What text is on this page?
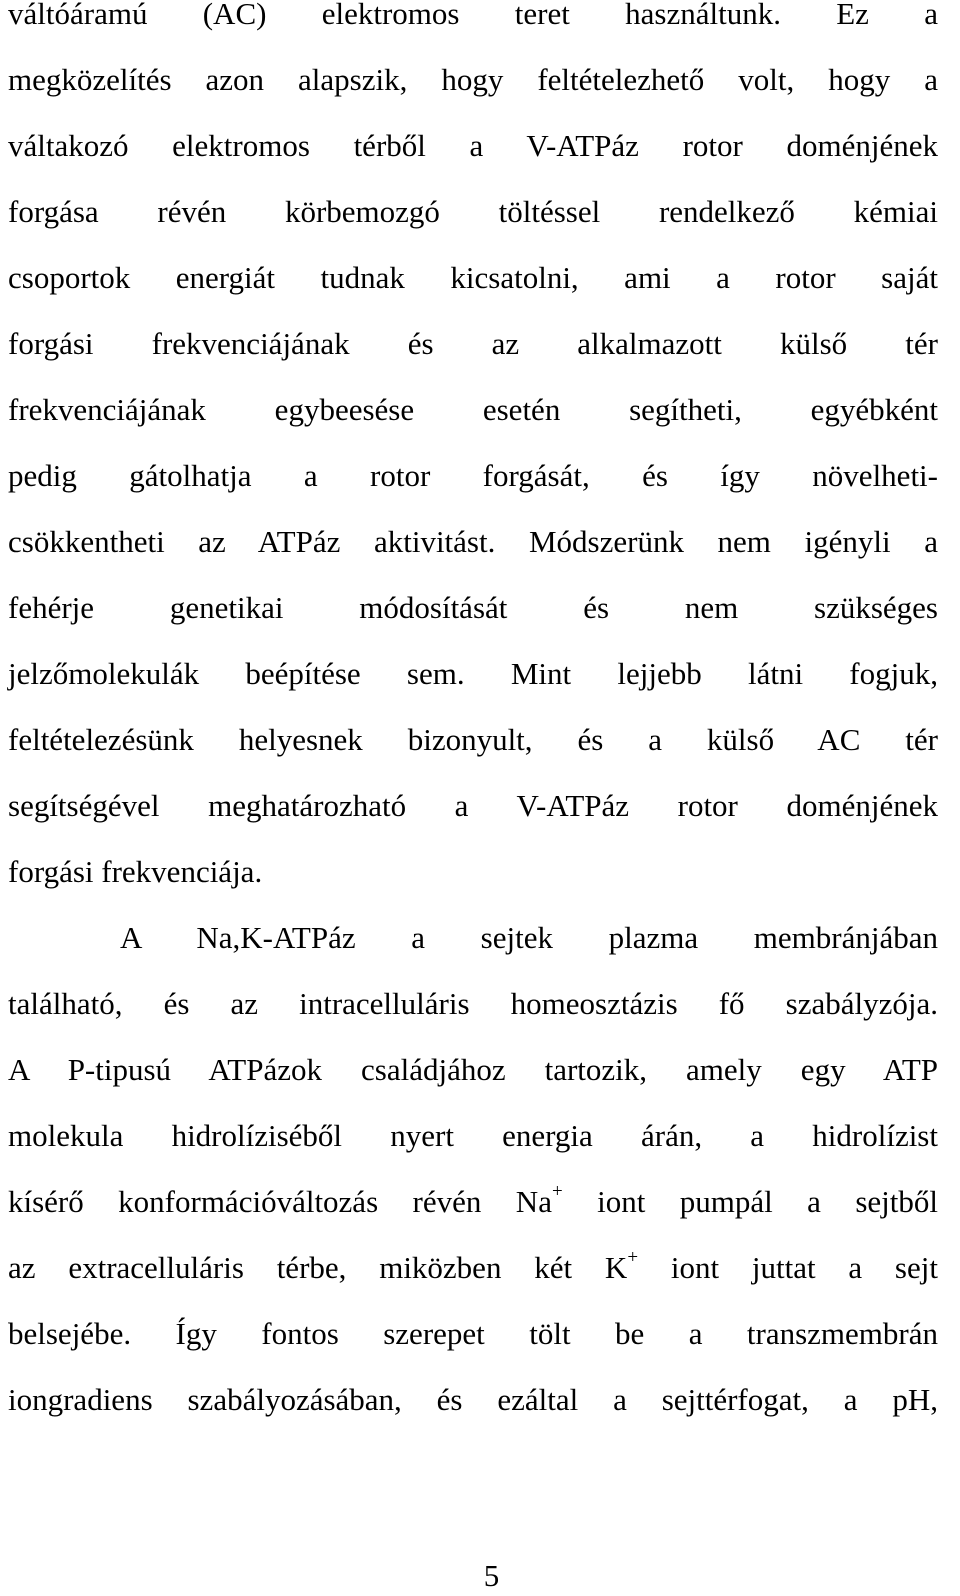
váltóáramú (AC) elektromos teret használtunk. Ez a
megközelítés azon alapszik, hogy feltételezhető volt, hogy a
váltakozó elektromos térből a V-ATPáz rotor doménjének
forgása révén körbemozgó töltéssel rendelkező kémiai
csoportok energiát tudnak kicsatolni, ami a rotor saját
forgási frekvenciájának és az alkalmazott külső tér
frekvenciájának egybeesése esetén segítheti, egyébként
pedig gátolhatja a rotor forgását, és így növelheti-
csökkentheti az ATPáz aktivitást. Módszerünk nem igényli a
fehérje genetikai módosítását és nem szükséges
jelzőmolekulák beépítése sem. Mint lejjebb látni fogjuk,
feltételezésünk helyesnek bizonyult, és a külső AC tér
segítségével meghatározható a V-ATPáz rotor doménjének
forgási frekvenciája.
A Na,K-ATPáz a sejtek plazma membránjában
található, és az intracelluláris homeosztázis fő szabályzója.
A P-tipusú ATPázok családjához tartozik, amely egy ATP
molekula hidrolíziséből nyert energia árán, a hidrolízist
kísérő konformációváltozás révén Na+ iont pumpál a sejtből
az extracelluláris térbe, miközben két K+ iont juttat a sejt
belsejébe. Így fontos szerepet tölt be a transzmembrán
iongradiens szabályozásában, és ezáltal a sejttérfogat, a pH,
5
